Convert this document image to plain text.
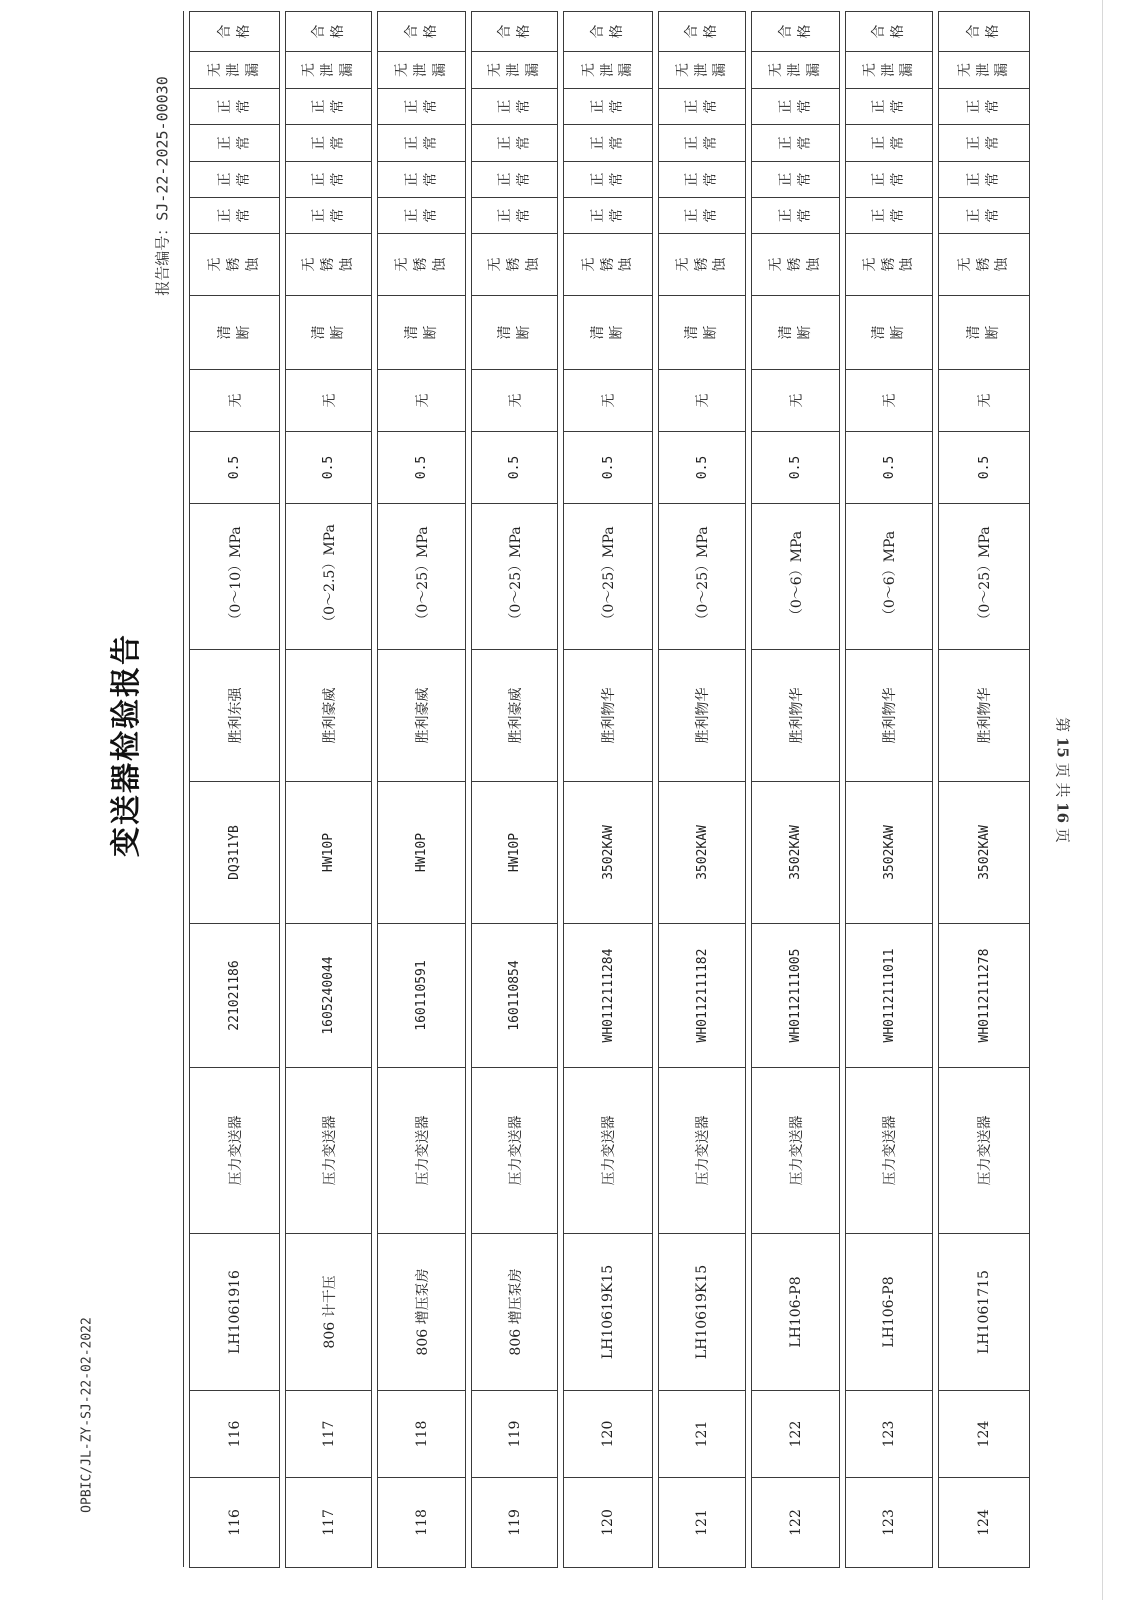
OPBIC/JL-ZY-SJ-22-02-2022
变送器检验报告
报告编号：SJ-22-2025-00030
第 15 页 共 16 页

116	116	LH1061916	压力变送器	221021186	DQ311YB	胜利东强	（0～10）MPa	0.5	无	清 断	无 锈 蚀	正 常	正 常	正 常	正 常	无 泄 漏	合 格

117	117	806 计干压	压力变送器	1605240044	HW10P	胜利豪威	（0～2.5）MPa	0.5	无	清 断	无 锈 蚀	正 常	正 常	正 常	正 常	无 泄 漏	合 格

118	118	806 增压泵房	压力变送器	160110591	HW10P	胜利豪威	（0～25）MPa	0.5	无	清 断	无 锈 蚀	正 常	正 常	正 常	正 常	无 泄 漏	合 格

119	119	806 增压泵房	压力变送器	160110854	HW10P	胜利豪威	（0～25）MPa	0.5	无	清 断	无 锈 蚀	正 常	正 常	正 常	正 常	无 泄 漏	合 格

120	120	LH10619K15	压力变送器	WH0112111284	3502KAW	胜利物华	（0～25）MPa	0.5	无	清 断	无 锈 蚀	正 常	正 常	正 常	正 常	无 泄 漏	合 格

121	121	LH10619K15	压力变送器	WH0112111182	3502KAW	胜利物华	（0～25）MPa	0.5	无	清 断	无 锈 蚀	正 常	正 常	正 常	正 常	无 泄 漏	合 格

122	122	LH106-P8	压力变送器	WH0112111005	3502KAW	胜利物华	（0～6）MPa	0.5	无	清 断	无 锈 蚀	正 常	正 常	正 常	正 常	无 泄 漏	合 格

123	123	LH106-P8	压力变送器	WH0112111011	3502KAW	胜利物华	（0～6）MPa	0.5	无	清 断	无 锈 蚀	正 常	正 常	正 常	正 常	无 泄 漏	合 格

124	124	LH1061715	压力变送器	WH0112111278	3502KAW	胜利物华	（0～25）MPa	0.5	无	清 断	无 锈 蚀	正 常	正 常	正 常	正 常	无 泄 漏	合 格
